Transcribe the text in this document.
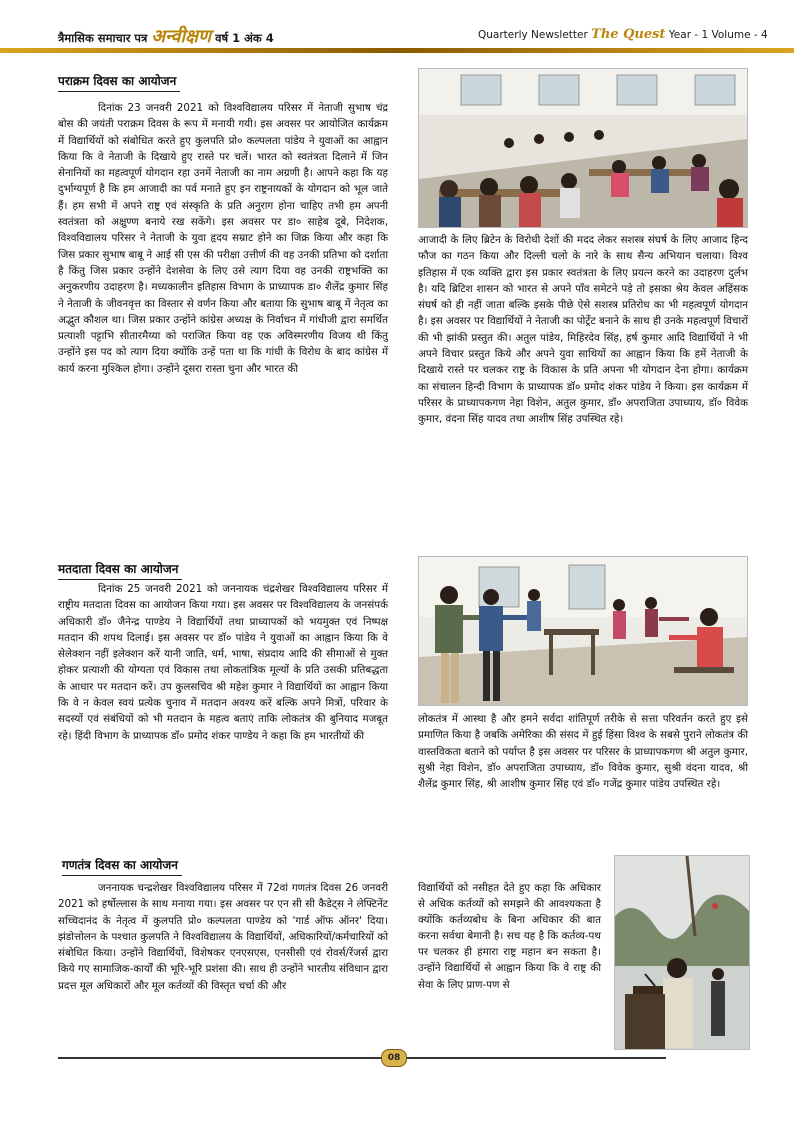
त्रैमासिक समाचार पत्र अन्वीक्षण वर्ष 1 अंक 4	Quarterly Newsletter The Quest Year - 1 Volume - 4
पराक्रम दिवस का आयोजन

दिनांक 23 जनवरी 2021 को विश्वविद्यालय परिसर में नेताजी सुभाष चंद्र बोस की जयंती पराक्रम दिवस के रूप में मनायी गयी। इस अवसर पर आयोजित कार्यक्रम में विद्यार्थियों को संबोधित करते हुए कुलपति प्रो० कल्पलता पांडेय ने युवाओं का आह्वान किया कि वे नेताजी के दिखाये हुए रास्ते पर चलें। भारत को स्वतंत्रता दिलाने में जिन सेनानियों का महत्वपूर्ण योगदान रहा उनमें नेताजी का नाम अग्रणी है। आपने कहा कि यह दुर्भाग्यपूर्ण है कि हम आजादी का पर्व मनाते हुए इन राष्ट्रनायकों के योगदान को भूल जाते हैं। हम सभी में अपने राष्ट्र एवं संस्कृति के प्रति अनुराग होना चाहिए तभी हम अपनी स्वतंत्रता को अक्षुण्ण बनाये रख सकेंगे। इस अवसर पर डा० साहेब दूबे, निदेशक, विश्वविद्यालय परिसर ने नेताजी के युवा हृदय सम्राट होने का जिक्र किया और कहा कि जिस प्रकार सुभाष बाबू ने आई सी एस की परीक्षा उत्तीर्ण की वह उनकी प्रतिभा को दर्शाता है किंतु जिस प्रकार उन्होंने देशसेवा के लिए उसे त्याग दिया वह उनकी राष्ट्रभक्ति का अनुकरणीय उदाहरण है। मध्यकालीन इतिहास विभाग के प्राध्यापक डा० शैलेंद्र कुमार सिंह ने नेताजी के जीवनवृत्त का विस्तार से वर्णन किया और बताया कि सुभाष बाबू में नेतृत्व का अद्भुत कौशल था। जिस प्रकार उन्होंने कांग्रेस अध्यक्ष के निर्वाचन में गांधीजी द्वारा समर्थित प्रत्याशी पट्टाभि सीतारमैय्या को पराजित किया वह एक अविस्मरणीय विजय थी किंतु उन्होंने इस पद को त्याग दिया क्योंकि उन्हें पता था कि गांधी के विरोध के बाद कांग्रेस में कार्य करना मुश्किल होगा। उन्होंने दूसरा रास्ता चुना और भारत की

आजादी के लिए ब्रिटेन के विरोधी देशों की मदद लेकर सशस्त्र संघर्ष के लिए आजाद हिन्द फौज का गठन किया और दिल्ली चलो के नारे के साथ सैन्य अभियान चलाया। विश्व इतिहास में एक व्यक्ति द्वारा इस प्रकार स्वतंत्रता के लिए प्रयत्न करने का उदाहरण दुर्लभ है। यदि ब्रिटिश शासन को भारत से अपने पाँव समेटने पड़े तो इसका श्रेय केवल अहिंसक संघर्ष को ही नहीं जाता बल्कि इसके पीछे ऐसे सशस्त्र प्रतिरोध का भी महत्वपूर्ण योगदान है। इस अवसर पर विद्यार्थियों ने नेताजी का पोर्ट्रेट बनाने के साथ ही उनके महत्वपूर्ण विचारों की भी झांकी प्रस्तुत की। अतुल पांडेय, मिहिरदेव सिंह, हर्ष कुमार आदि विद्यार्थियों ने भी अपने विचार प्रस्तुत किये और अपने युवा साथियों का आह्वान किया कि हमें नेताजी के दिखाये रास्ते पर चलकर राष्ट्र के विकास के प्रति अपना भी योगदान देना होगा। कार्यक्रम का संचालन हिन्दी विभाग के प्राध्यापक डॉ० प्रमोद शंकर पांडेय ने किया। इस कार्यक्रम में परिसर के प्राध्यापकगण नेहा विशेन, अतुल कुमार, डॉ० अपराजिता उपाध्याय, डॉ० विवेक कुमार, वंदना सिंह यादव तथा आशीष सिंह उपस्थित रहे।

मतदाता दिवस का आयोजन

दिनांक 25 जनवरी 2021 को जननायक चंद्रशेखर विश्वविद्यालय परिसर में राष्ट्रीय मतदाता दिवस का आयोजन किया गया। इस अवसर पर विश्वविद्यालय के जनसंपर्क अधिकारी डॉ० जैनेन्द्र पाण्डेय ने विद्यार्थियों तथा प्राध्यापकों को भयमुक्त एवं निष्पक्ष मतदान की शपथ दिलाई। इस अवसर पर डॉ० पांडेय ने युवाओं का आह्वान किया कि वे सेलेक्शन नहीं इलेक्शन करें यानी जाति, धर्म, भाषा, संप्रदाय आदि की सीमाओं से मुक्त होकर प्रत्याशी की योग्यता एवं विकास तथा लोकतांत्रिक मूल्यों के प्रति उसकी प्रतिबद्धता के आधार पर मतदान करें। उप कुलसचिव श्री महेश कुमार ने विद्यार्थियों का आह्वान किया कि वे न केवल स्वयं प्रत्येक चुनाव में मतदान अवश्य करें बल्कि अपने मित्रों, परिवार के सदस्यों एवं संबंधियों को भी मतदान के महत्व बताएं ताकि लोकतंत्र की बुनियाद मजबूत रहे। हिंदी विभाग के प्राध्यापक डॉ० प्रमोद शंकर पाण्डेय ने कहा कि हम भारतीयों की

लोकतंत्र में आस्था है और हमने सर्वदा शांतिपूर्ण तरीके से सत्ता परिवर्तन करते हुए इसे प्रमाणित किया है जबकि अमेरिका की संसद में हुई हिंसा विश्व के सबसे पुराने लोकतंत्र की वास्तविकता बताने को पर्याप्त है इस अवसर पर परिसर के प्राध्यापकगण श्री अतुल कुमार, सुश्री नेहा विशेन, डॉ० अपराजिता उपाध्याय, डॉ० विवेक कुमार, सुश्री वंदना यादव, श्री शैलेंद्र कुमार सिंह, श्री आशीष कुमार सिंह एवं डॉ० गजेंद्र कुमार पांडेय उपस्थित रहे।

गणतंत्र दिवस का आयोजन

जननायक चन्द्रशेखर विश्वविद्यालय परिसर में 72वां गणतंत्र दिवस 26 जनवरी 2021 को हर्षोल्लास के साथ मनाया गया। इस अवसर पर एन सी सी कैडेट्स ने लेफ्टिनेंट सच्चिदानंद के नेतृत्व में कुलपति प्रो० कल्पलता पाण्डेय को 'गार्ड ऑफ ऑनर' दिया। झंडोत्तोलन के पश्चात कुलपति ने विश्वविद्यालय के विद्यार्थियों, अधिकारियों/कर्मचारियों को संबोधित किया। उन्होंने विद्यार्थियों, विशेषकर एनएसएस, एनसीसी एवं रोवर्स/रेंजर्स द्वारा किये गए सामाजिक-कार्यों की भूरि-भूरि प्रशंसा की। साथ ही उन्होंने भारतीय संविधान द्वारा प्रदत्त मूल अधिकारों और मूल कर्तव्यों की विस्तृत चर्चा की और

विद्यार्थियों को नसीहत देते हुए कहा कि अधिकार से अधिक कर्तव्यों को समझने की आवश्यकता है क्योंकि कर्तव्यबोध के बिना अधिकार की बात करना सर्वथा बेमानी है। सच यह है कि कर्तव्य-पथ पर चलकर ही हमारा राष्ट्र महान बन सकता है। उन्होंने विद्यार्थियों से आह्वान किया कि वे राष्ट्र की सेवा के लिए प्राण-पण से

08
